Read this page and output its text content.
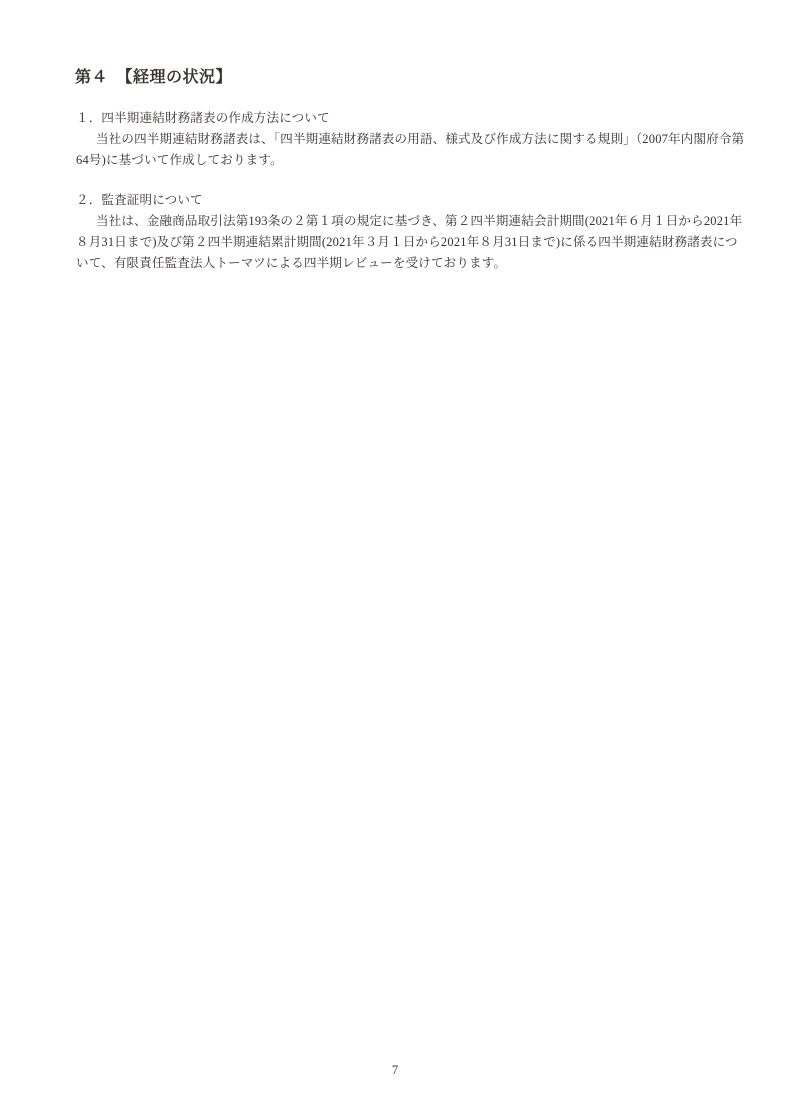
第４　【経理の状況】
１．四半期連結財務諸表の作成方法について
当社の四半期連結財務諸表は、「四半期連結財務諸表の用語、様式及び作成方法に関する規則」（2007年内閣府令第
64号)に基づいて作成しております。
２．監査証明について
当社は、金融商品取引法第193条の２第１項の規定に基づき、第２四半期連結会計期間(2021年６月１日から2021年
８月31日まで)及び第２四半期連結累計期間(2021年３月１日から2021年８月31日まで)に係る四半期連結財務諸表につ
いて、有限責任監査法人トーマツによる四半期レビューを受けております。
7
